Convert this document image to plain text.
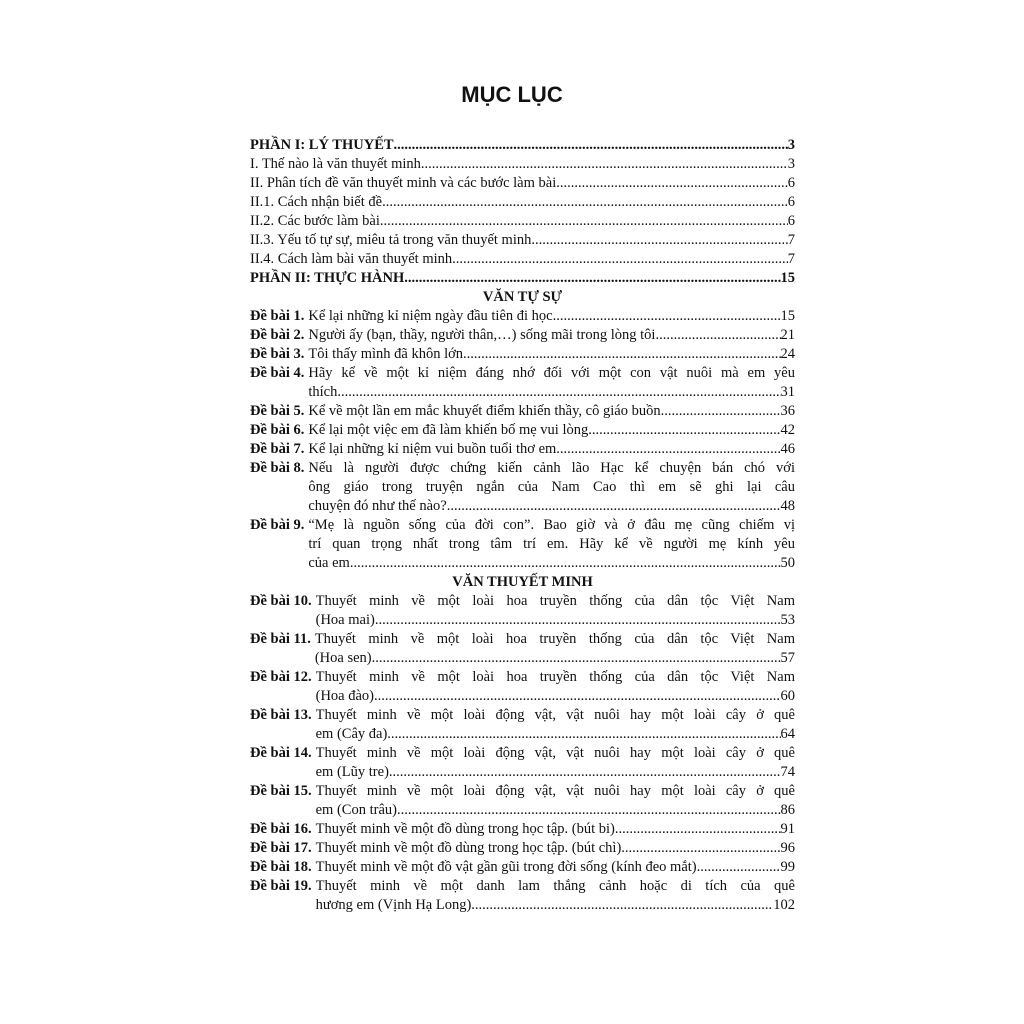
MỤC LỤC
PHẦN I: LÝ THUYẾT .....	3
I. Thế nào là văn thuyết minh .....	3
II. Phân tích đề văn thuyết minh và các bước làm bài .....	6
II.1. Cách nhận biết đề .....	6
II.2. Các bước làm bài .....	6
II.3. Yếu tố tự sự, miêu tả trong văn thuyết minh .....	7
II.4. Cách làm bài văn thuyết minh .....	7
PHẦN II: THỰC HÀNH .....	15
VĂN TỰ SỰ
Đề bài 1. Kể lại những kỉ niệm ngày đầu tiên đi học .....	15
Đề bài 2. Người ấy (bạn, thầy, người thân,…) sống mãi trong lòng tôi .....	21
Đề bài 3. Tôi thấy mình đã khôn lớn .....	24
Đề bài 4. Hãy kể về một kỉ niệm đáng nhớ đối với một con vật nuôi mà em yêu
thích. .....	31
Đề bài 5. Kể về một lần em mắc khuyết điểm khiến thầy, cô giáo buồn .....	36
Đề bài 6. Kể lại một việc em đã làm khiến bố mẹ vui lòng .....	42
Đề bài 7. Kể lại những kỉ niệm vui buồn tuổi thơ em .....	46
Đề bài 8. Nếu là người được chứng kiến cảnh lão Hạc kể chuyện bán chó với
ông giáo trong truyện ngắn của Nam Cao thì em sẽ ghi lại câu
chuyện đó như thế nào? .....	48
Đề bài 9. “Mẹ là nguồn sống của đời con”. Bao giờ và ở đâu mẹ cũng chiếm vị
trí quan trọng nhất trong tâm trí em. Hãy kể về người mẹ kính yêu
của em. .....	50
VĂN THUYẾT MINH
Đề bài 10. Thuyết minh về một loài hoa truyền thống của dân tộc Việt Nam
(Hoa mai) .....	53
Đề bài 11. Thuyết minh về một loài hoa truyền thống của dân tộc Việt Nam
(Hoa sen) .....	57
Đề bài 12. Thuyết minh về một loài hoa truyền thống của dân tộc Việt Nam
(Hoa đào) .....	60
Đề bài 13. Thuyết minh về một loài động vật, vật nuôi hay một loài cây ở quê
em (Cây đa) .....	64
Đề bài 14. Thuyết minh về một loài động vật, vật nuôi hay một loài cây ở quê
em (Lũy tre) .....	74
Đề bài 15. Thuyết minh về một loài động vật, vật nuôi hay một loài cây ở quê
em (Con trâu) .....	86
Đề bài 16. Thuyết minh về một đồ dùng trong học tập. (bút bi) .....	91
Đề bài 17. Thuyết minh về một đồ dùng trong học tập. (bút chì) .....	96
Đề bài 18. Thuyết minh về một đồ vật gần gũi trong đời sống (kính đeo mắt) .....	99
Đề bài 19. Thuyết minh về một danh lam thắng cảnh hoặc di tích của quê
hương em (Vịnh Hạ Long) .....	102
